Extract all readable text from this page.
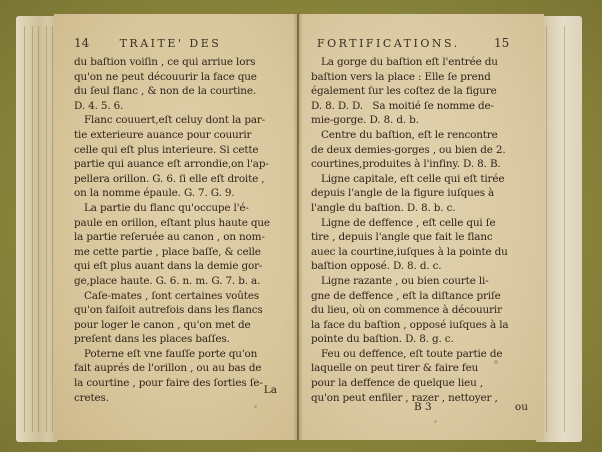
14	TRAITE' DES
du baſtion voiſin , ce qui arriue lors
qu'on ne peut découurir la face que
du ſeul flanc , & non de la courtine.
D. 4. 5. 6.
Flanc couuert,eſt celuy dont la par-
tie exterieure auance pour couurir
celle qui eſt plus interieure. Si cette
partie qui auance eſt arrondie,on l'ap-
pellera orillon. G. 6. ſi elle eſt droite ,
on la nomme épaule. G. 7. G. 9.
La partie du flanc qu'occupe l'é-
paule en orillon, eſtant plus haute que
la partie reſeruée au canon , on nom-
me cette partie , place baſſe, & celle
qui eſt plus auant dans la demie gor-
ge,place haute. G. 6. n. m. G. 7. b. a.
Caſe-mates , ſont certaines voûtes
qu'on faiſoit autrefois dans les flancs
pour loger le canon , qu'on met de
preſent dans les places baſſes.
Poterne eſt vne fauſſe porte qu'on
fait auprés de l'orillon , ou au bas de
la courtine , pour faire des ſorties ſe-
cretes.
La
FORTIFICATIONS.	15
La gorge du baſtion eſt l'entrée du
baſtion vers la place : Elle ſe prend
également ſur les coſtez de la figure
D. 8. D. D.   Sa moitié ſe nomme de-
mie-gorge. D. 8. d. b.
Centre du baſtion, eſt le rencontre
de deux demies-gorges , ou bien de 2.
courtines,produites à l'infiny. D. 8. B.
Ligne capitale, eſt celle qui eſt tirée
depuis l'angle de la figure iuſques à
l'angle du baſtion. D. 8. b. c.
Ligne de deffence , eſt celle qui ſe
tire , depuis l'angle que fait le flanc
auec la courtine,iuſques à la pointe du
baſtion opposé. D. 8. d. c.
Ligne razante , ou bien courte li-
gne de deffence , eſt la diſtance priſe
du lieu, où on commence à découurir
la face du baſtion , opposé iuſques à la
pointe du baſtion. D. 8. g. c.
Feu ou deffence, eſt toute partie de
laquelle on peut tirer & faire feu
pour la deffence de quelque lieu ,
qu'on peut enfiler , razer , nettoyer ,
B 3	ou
